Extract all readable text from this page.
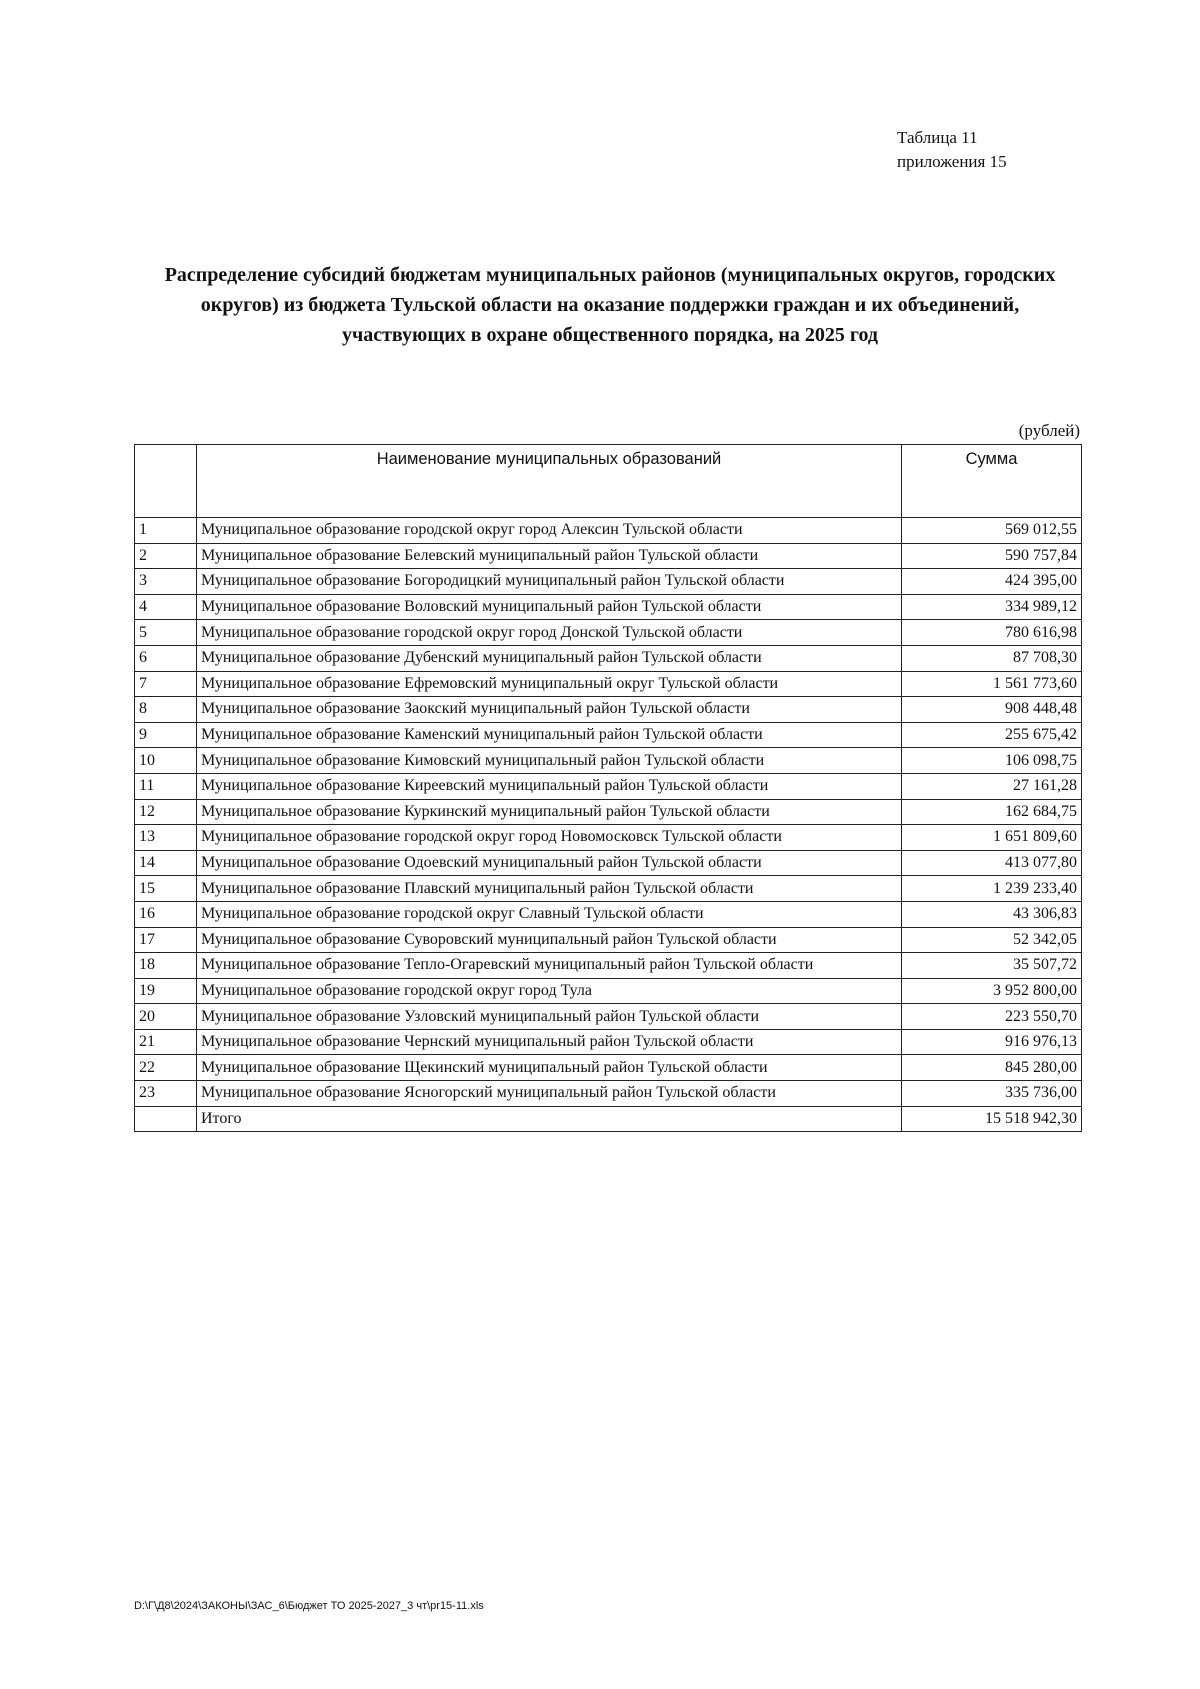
Таблица 11
приложения 15
Распределение субсидий бюджетам муниципальных районов (муниципальных округов, городских округов) из бюджета Тульской области на оказание поддержки граждан и их объединений, участвующих в охране общественного порядка, на 2025 год
(рублей)
	Наименование муниципальных образований	Сумма
1	Муниципальное образование городской округ город Алексин Тульской области	569 012,55
2	Муниципальное образование Белевский муниципальный район Тульской области	590 757,84
3	Муниципальное образование Богородицкий муниципальный район Тульской области	424 395,00
4	Муниципальное образование Воловский муниципальный район Тульской области	334 989,12
5	Муниципальное образование городской округ город Донской Тульской области	780 616,98
6	Муниципальное образование Дубенский муниципальный район Тульской области	87 708,30
7	Муниципальное образование Ефремовский муниципальный округ Тульской области	1 561 773,60
8	Муниципальное образование Заокский муниципальный район Тульской области	908 448,48
9	Муниципальное образование Каменский муниципальный район Тульской области	255 675,42
10	Муниципальное образование Кимовский муниципальный район Тульской области	106 098,75
11	Муниципальное образование Киреевский муниципальный район Тульской области	27 161,28
12	Муниципальное образование Куркинский муниципальный район Тульской области	162 684,75
13	Муниципальное образование городской округ город Новомосковск Тульской области	1 651 809,60
14	Муниципальное образование Одоевский муниципальный район Тульской области	413 077,80
15	Муниципальное образование Плавский муниципальный район Тульской области	1 239 233,40
16	Муниципальное образование городской округ Славный Тульской области	43 306,83
17	Муниципальное образование Суворовский муниципальный район Тульской области	52 342,05
18	Муниципальное образование Тепло-Огаревский муниципальный район Тульской области	35 507,72
19	Муниципальное образование городской округ город Тула	3 952 800,00
20	Муниципальное образование Узловский муниципальный район Тульской области	223 550,70
21	Муниципальное образование Чернский муниципальный район Тульской области	916 976,13
22	Муниципальное образование Щекинский муниципальный район Тульской области	845 280,00
23	Муниципальное образование Ясногорский муниципальный район Тульской области	335 736,00
	Итого	15 518 942,30
D:\Г\Д8\2024\ЗАКОНЫ\ЗАС_6\Бюджет ТО 2025-2027_3 чт\pr15-11.xls
